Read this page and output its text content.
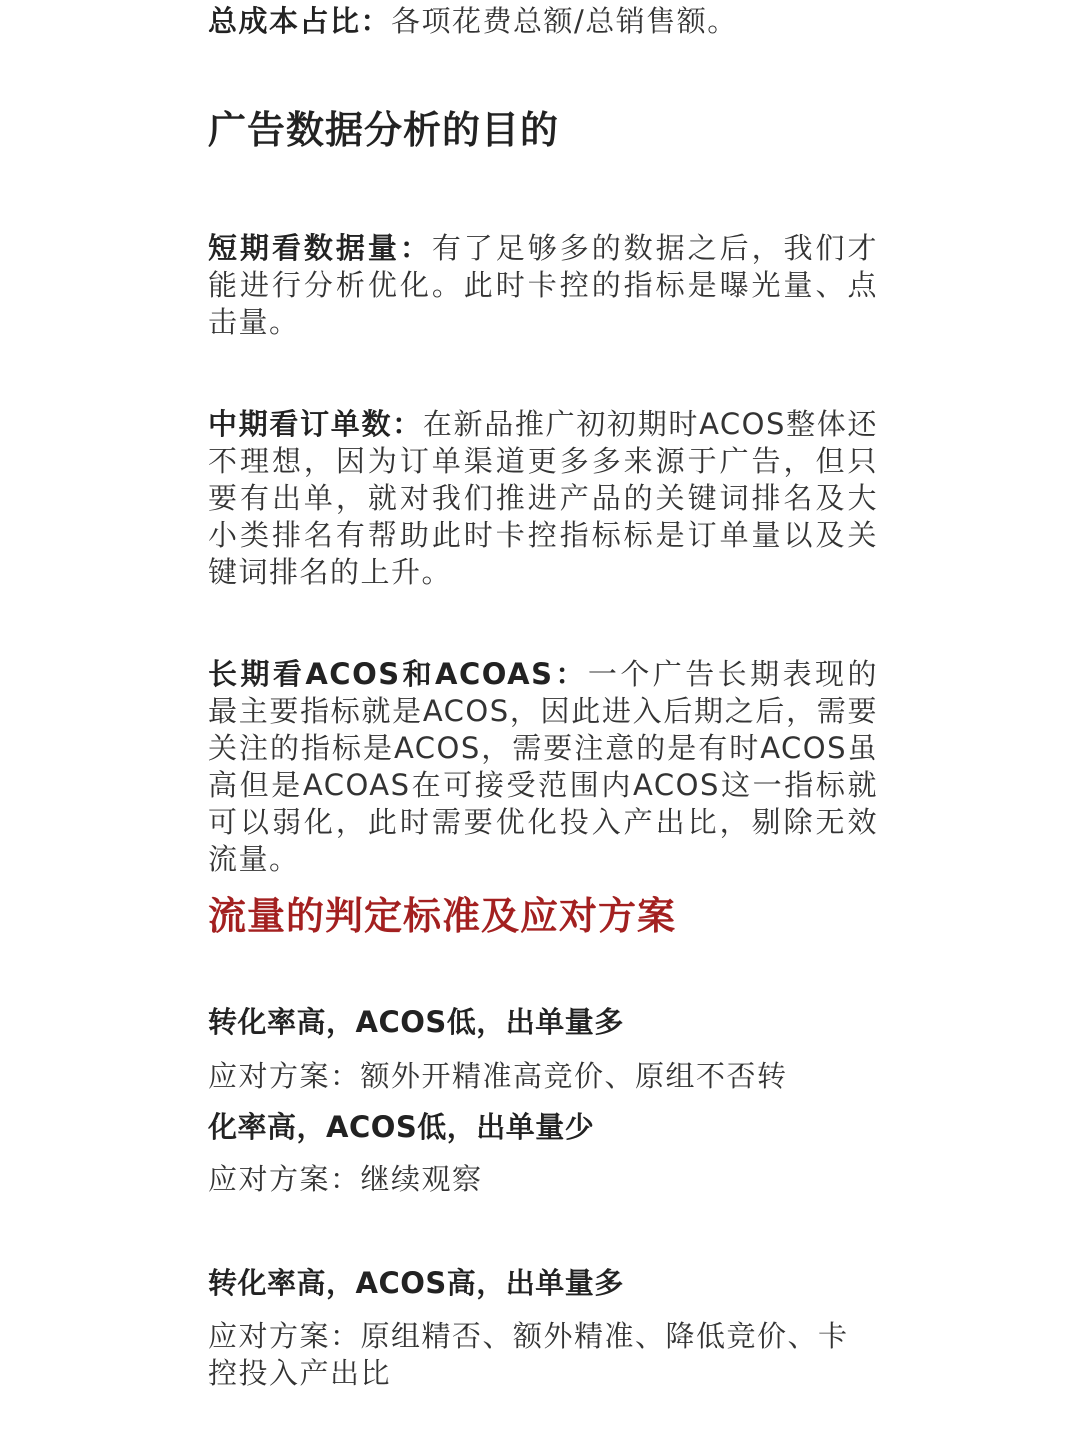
总成本占比：各项花费总额/总销售额。

广告数据分析的目的

短期看数据量：有了足够多的数据之后，我们才能进行分析优化。此时卡控的指标是曝光量、点击量。

中期看订单数：在新品推广初初期时ACOS整体还不理想，因为订单渠道更多多来源于广告，但只要有出单，就对我们推进产品的关键词排名及大小类排名有帮助此时卡控指标标是订单量以及关键词排名的上升。

长期看ACOS和ACOAS：一个广告长期表现的最主要指标就是ACOS，因此进入后期之后，需要关注的指标是ACOS，需要注意的是有时ACOS虽高但是ACOAS在可接受范围内ACOS这一指标就可以弱化，此时需要优化投入产出比，剔除无效流量。

流量的判定标准及应对方案
转化率高，ACOS低，出单量多
应对方案：额外开精准高竞价、原组不否转
化率高，ACOS低，出单量少
应对方案：继续观察
转化率高，ACOS高，出单量多
应对方案：原组精否、额外精准、降低竞价、卡控投入产出比
